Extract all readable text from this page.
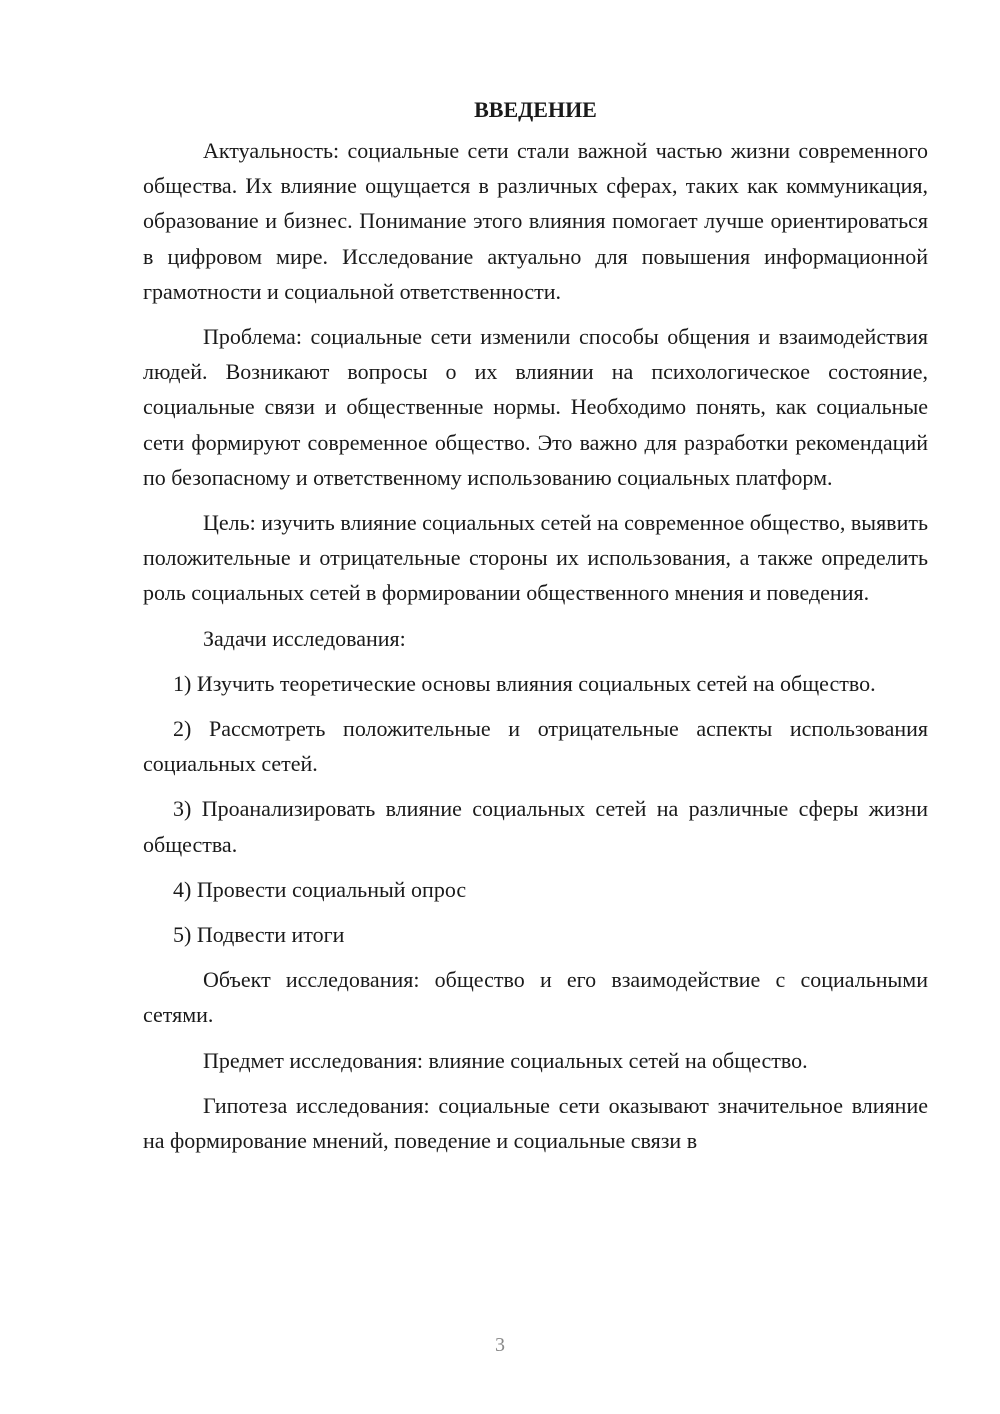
ВВЕДЕНИЕ
Актуальность: социальные сети стали важной частью жизни современного общества. Их влияние ощущается в различных сферах, таких как коммуникация, образование и бизнес. Понимание этого влияния помогает лучше ориентироваться в цифровом мире. Исследование актуально для повышения информационной грамотности и социальной ответственности.
Проблема: социальные сети изменили способы общения и взаимодействия людей. Возникают вопросы о их влиянии на психологическое состояние, социальные связи и общественные нормы. Необходимо понять, как социальные сети формируют современное общество. Это важно для разработки рекомендаций по безопасному и ответственному использованию социальных платформ.
Цель: изучить влияние социальных сетей на современное общество, выявить положительные и отрицательные стороны их использования, а также определить роль социальных сетей в формировании общественного мнения и поведения.
Задачи исследования:
1) Изучить теоретические основы влияния социальных сетей на общество.
2) Рассмотреть положительные и отрицательные аспекты использования социальных сетей.
3) Проанализировать влияние социальных сетей на различные сферы жизни общества.
4) Провести социальный опрос
5) Подвести итоги
Объект исследования: общество и его взаимодействие с социальными сетями.
Предмет исследования: влияние социальных сетей на общество.
Гипотеза исследования: социальные сети оказывают значительное влияние на формирование мнений, поведение и социальные связи в
3
